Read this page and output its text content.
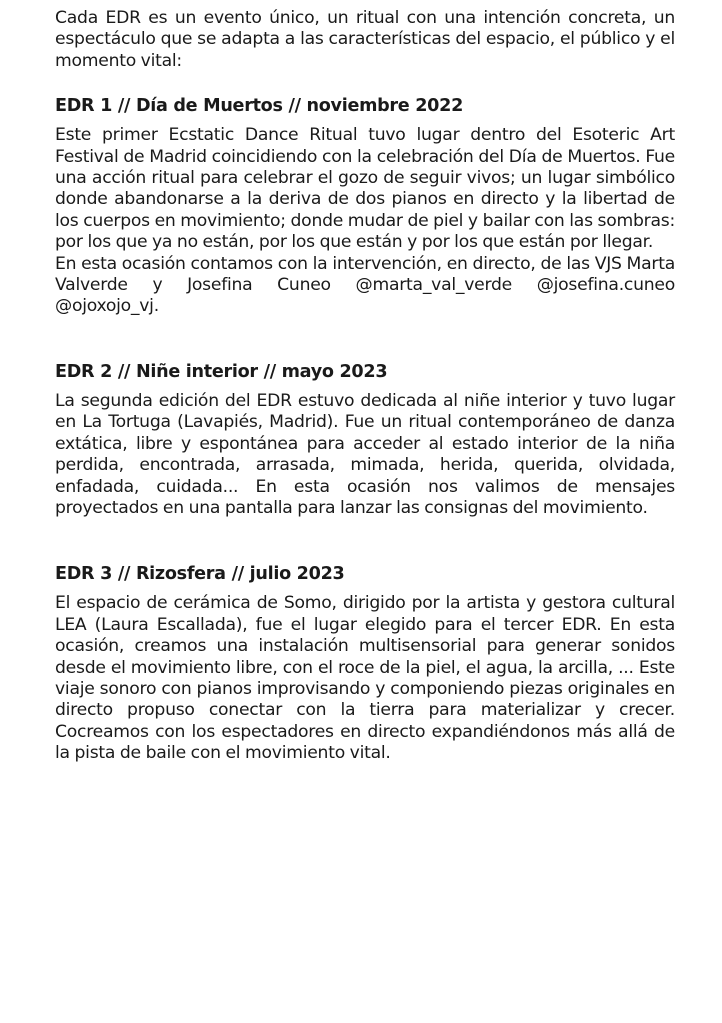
Cada EDR es un evento único, un ritual con una intención concreta, un espectáculo que se adapta a las características del espacio, el público y el momento vital:

EDR 1 // Día de Muertos // noviembre 2022

Este primer Ecstatic Dance Ritual tuvo lugar dentro del Esoteric Art Festival de Madrid coincidiendo con la celebración del Día de Muertos. Fue una acción ritual para celebrar el gozo de seguir vivos; un lugar simbólico donde abandonarse a la deriva de dos pianos en directo y la libertad de los cuerpos en movimiento; donde mudar de piel y bailar con las sombras: por los que ya no están, por los que están y por los que están por llegar.

En esta ocasión contamos con la intervención, en directo, de las VJS Marta Valverde y Josefina Cuneo @marta_val_verde @josefina.​cuneo @ojoxojo_vj.

EDR 2 // Niñe interior // mayo 2023

La segunda edición del EDR estuvo dedicada al niñe interior y tuvo lugar en La Tortuga (Lavapiés, Madrid). Fue un ritual contemporáneo de danza extática, libre y espontánea para acceder al estado interior de la niña perdida, encontrada, arrasada, mimada, herida, querida, olvidada, enfadada, cuidada... En esta ocasión nos valimos de mensajes proyectados en una pantalla para lanzar las consignas del movimiento.

EDR 3 // Rizosfera // julio 2023

El espacio de cerámica de Somo, dirigido por la artista y gestora cultural LEA (Laura Escallada), fue el lugar elegido para el tercer EDR. En esta ocasión, creamos una instalación multisensorial para generar sonidos desde el movimiento libre, con el roce de la piel, el agua, la arcilla, ... Este viaje sonoro con pianos improvisando y componiendo piezas originales en directo propuso conectar con la tierra para materializar y crecer. Cocreamos con los espectadores en directo expandiéndonos más allá de la pista de baile con el movimiento vital.
